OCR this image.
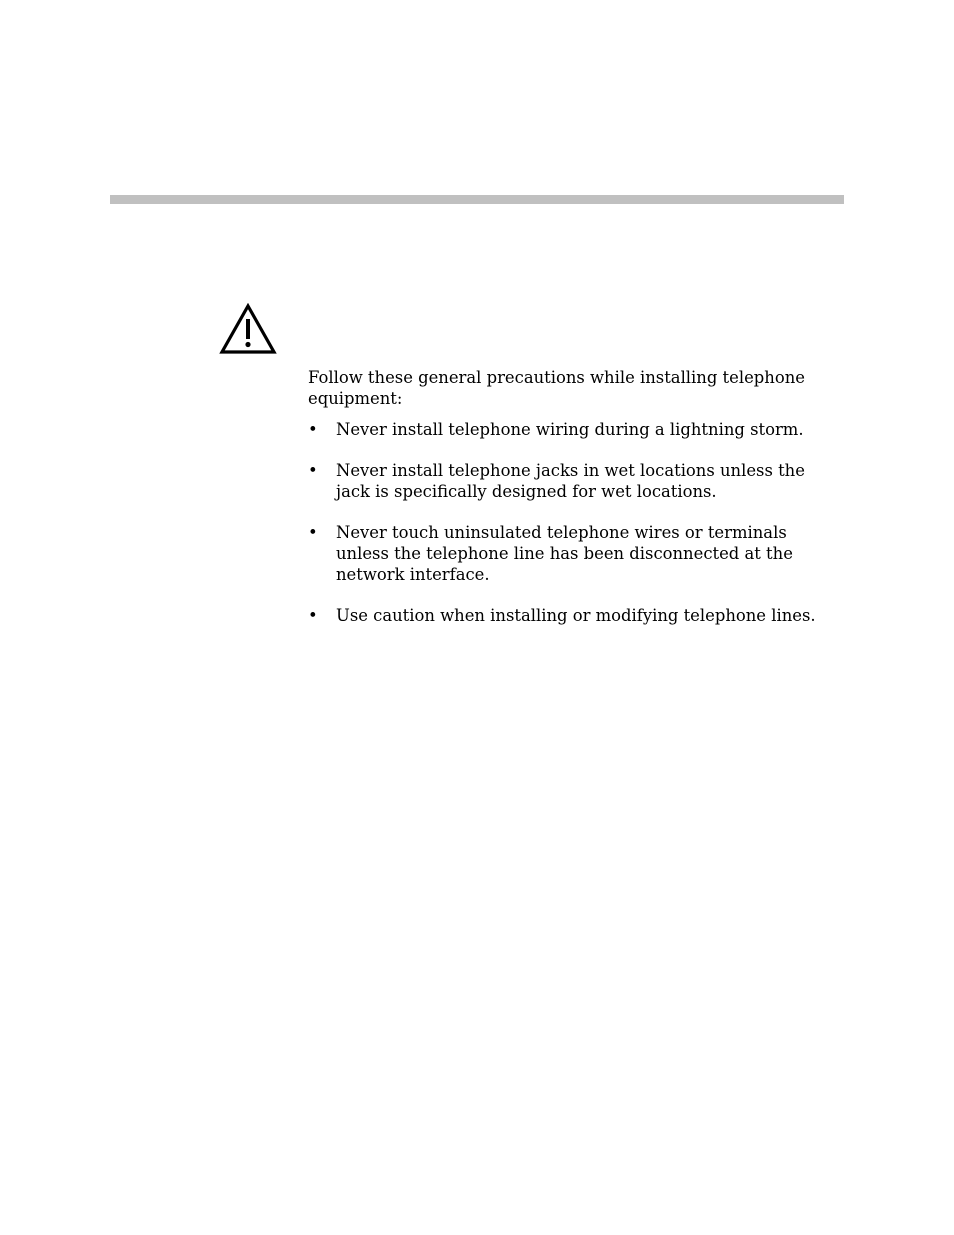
Follow these general precautions while installing telephone equipment:

• Never install telephone wiring during a lightning storm.
• Never install telephone jacks in wet locations unless the jack is specifically designed for wet locations.
• Never touch uninsulated telephone wires or terminals unless the telephone line has been disconnected at the network interface.
• Use caution when installing or modifying telephone lines.
